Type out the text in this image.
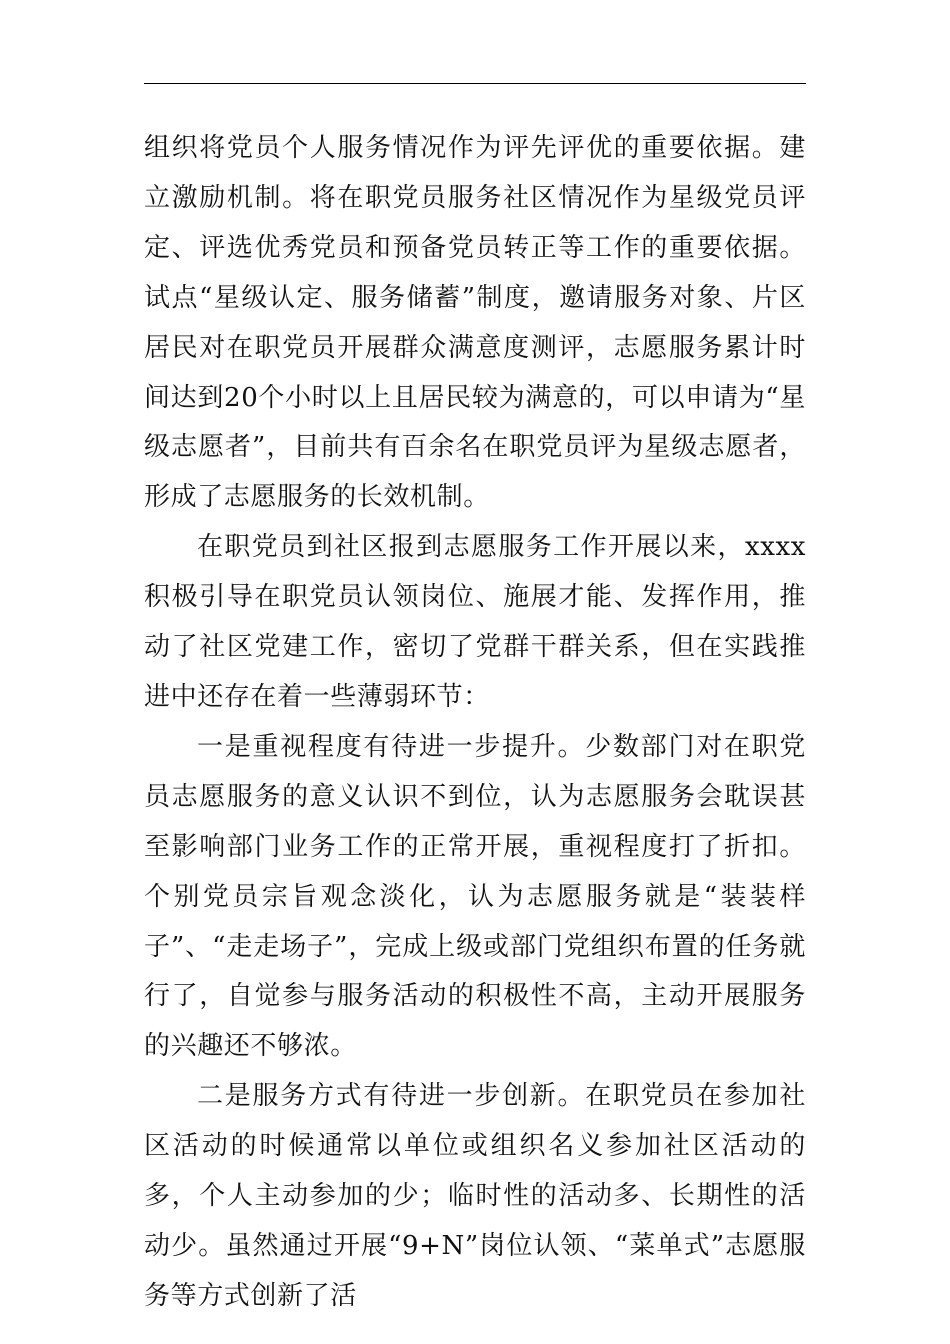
组织将党员个人服务情况作为评先评优的重要依据。建立激励机制。将在职党员服务社区情况作为星级党员评定、评选优秀党员和预备党员转正等工作的重要依据。试点“星级认定、服务储蓄”制度，邀请服务对象、片区居民对在职党员开展群众满意度测评，志愿服务累计时间达到20个小时以上且居民较为满意的，可以申请为“星级志愿者”，目前共有百余名在职党员评为星级志愿者，形成了志愿服务的长效机制。

在职党员到社区报到志愿服务工作开展以来，xxxx积极引导在职党员认领岗位、施展才能、发挥作用，推动了社区党建工作，密切了党群干群关系，但在实践推进中还存在着一些薄弱环节：

一是重视程度有待进一步提升。少数部门对在职党员志愿服务的意义认识不到位，认为志愿服务会耽误甚至影响部门业务工作的正常开展，重视程度打了折扣。个别党员宗旨观念淡化，认为志愿服务就是“装装样子”、“走走场子”，完成上级或部门党组织布置的任务就行了，自觉参与服务活动的积极性不高，主动开展服务的兴趣还不够浓。

二是服务方式有待进一步创新。在职党员在参加社区活动的时候通常以单位或组织名义参加社区活动的多，个人主动参加的少；临时性的活动多、长期性的活动少。虽然通过开展“9+N”岗位认领、“菜单式”志愿服务等方式创新了活
